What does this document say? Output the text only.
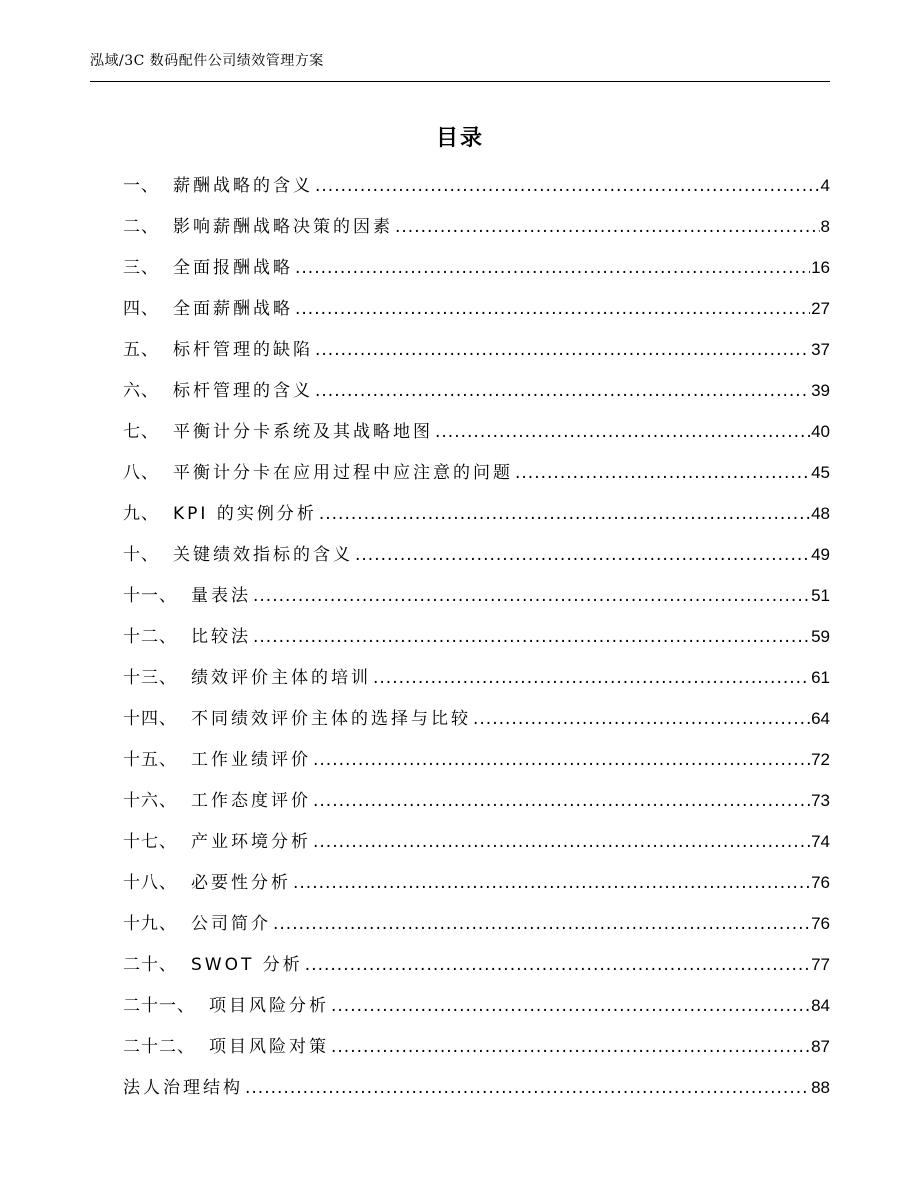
泓域/3C 数码配件公司绩效管理方案
目录
一、 薪酬战略的含义 .....	4
二、 影响薪酬战略决策的因素 .....	8
三、 全面报酬战略 .....	16
四、 全面薪酬战略 .....	27
五、 标杆管理的缺陷 .....	37
六、 标杆管理的含义 .....	39
七、 平衡计分卡系统及其战略地图 .....	40
八、 平衡计分卡在应用过程中应注意的问题 .....	45
九、 KPI 的实例分析 .....	48
十、 关键绩效指标的含义 .....	49
十一、 量表法 .....	51
十二、 比较法 .....	59
十三、 绩效评价主体的培训 .....	61
十四、 不同绩效评价主体的选择与比较 .....	64
十五、 工作业绩评价 .....	72
十六、 工作态度评价 .....	73
十七、 产业环境分析 .....	74
十八、 必要性分析 .....	76
十九、 公司简介 .....	76
二十、 SWOT 分析 .....	77
二十一、 项目风险分析 .....	84
二十二、 项目风险对策 .....	87
法人治理结构 .....	88
